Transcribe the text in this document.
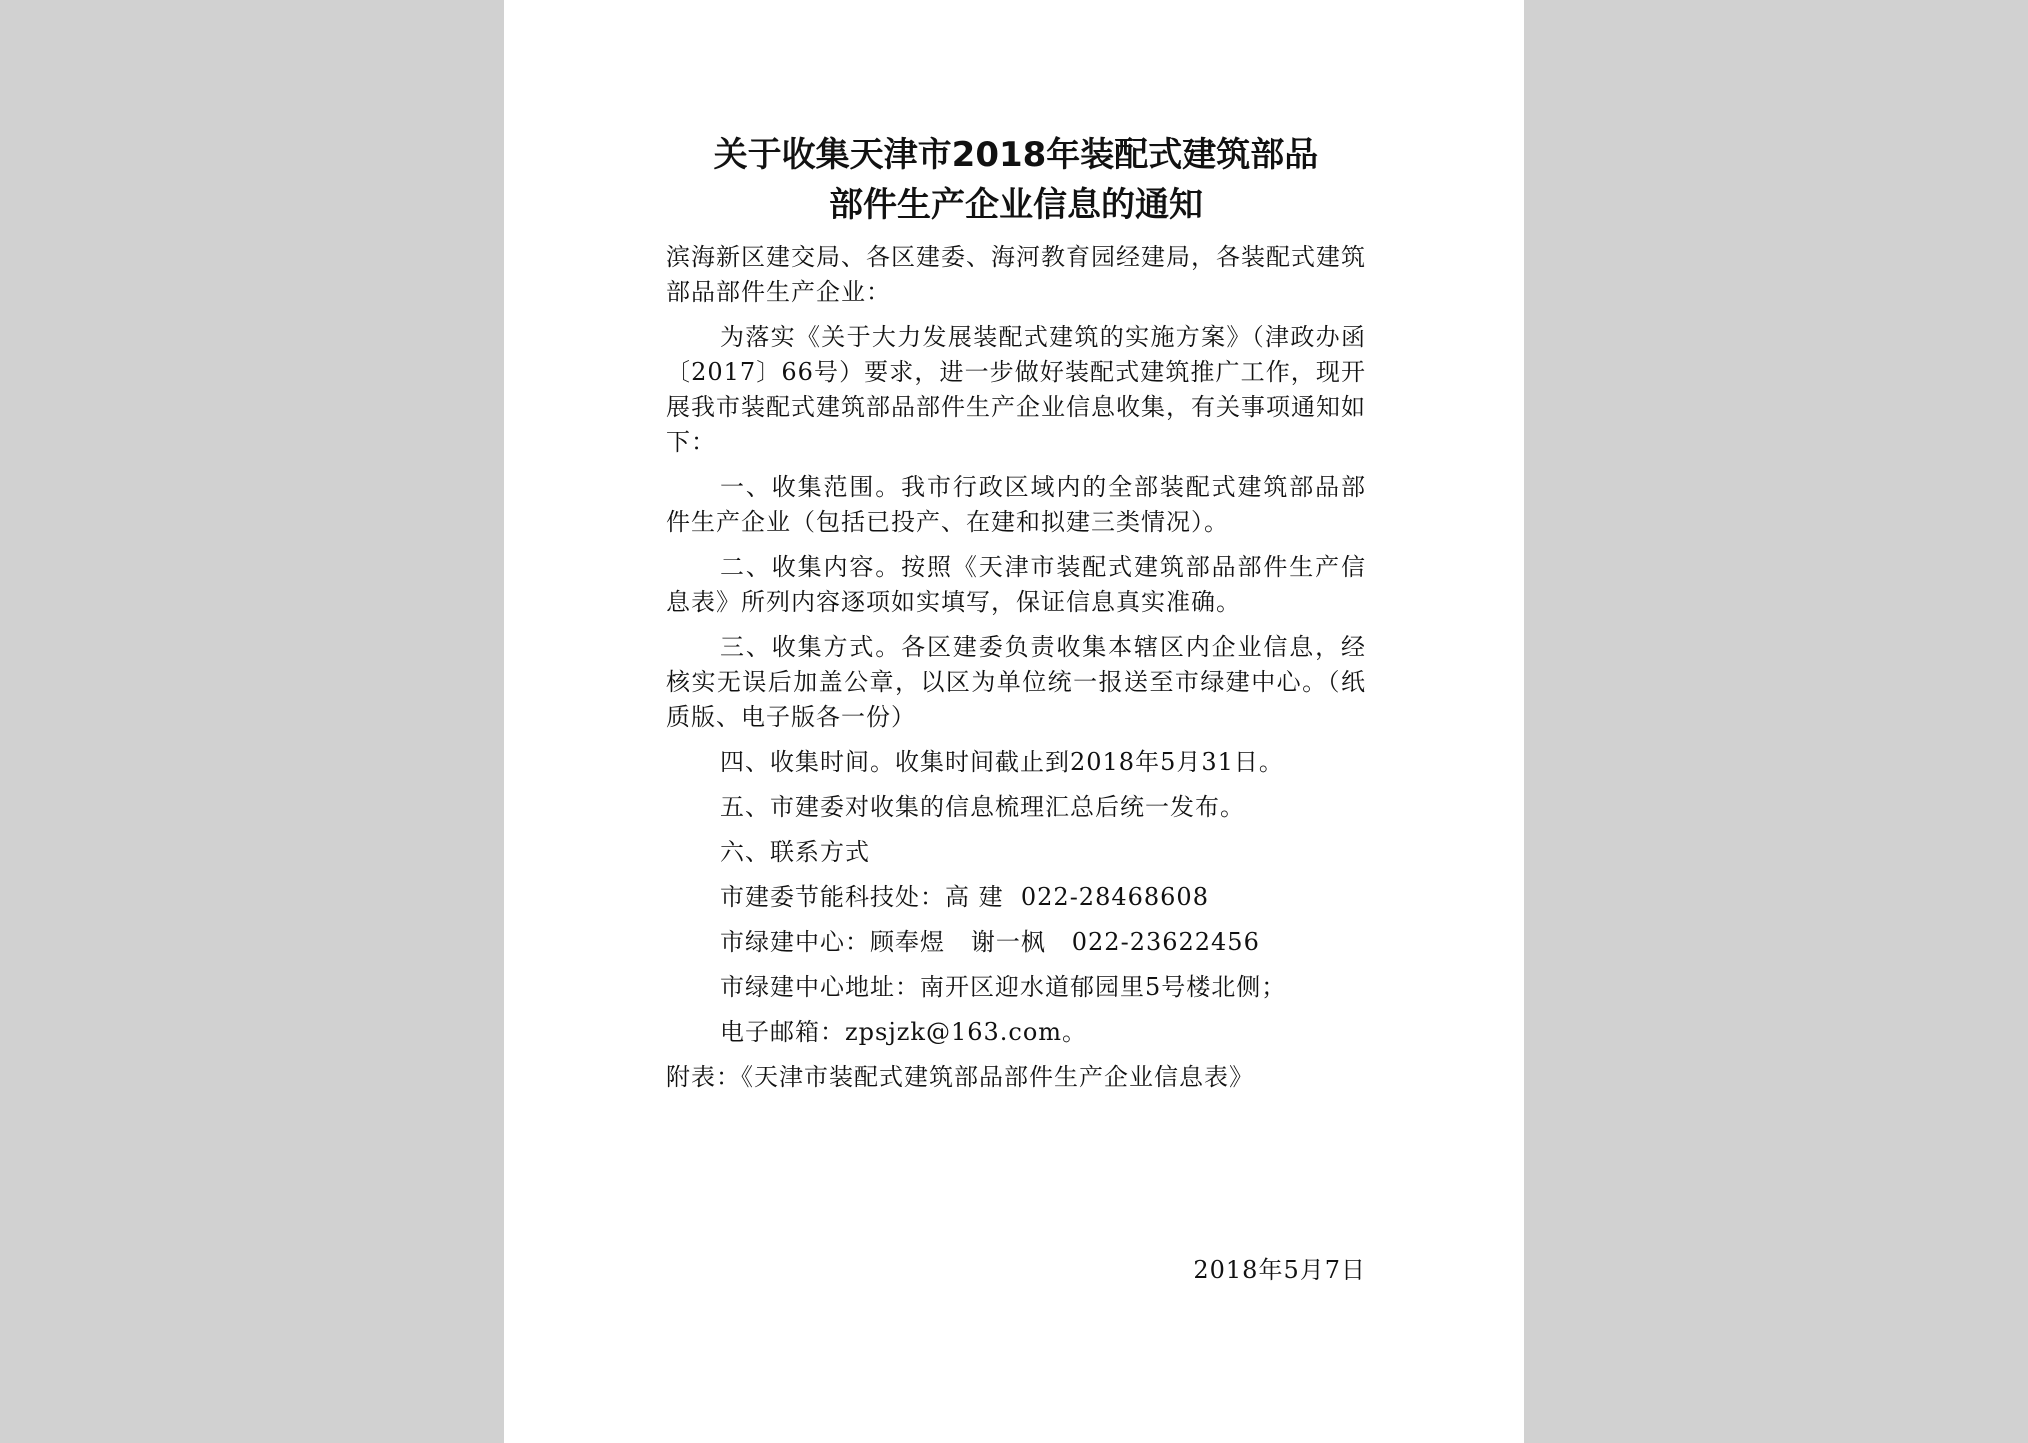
关于收集天津市2018年装配式建筑部品
部件生产企业信息的通知
滨海新区建交局、各区建委、海河教育园经建局，各装配式建筑部品部件生产企业：
为落实《关于大力发展装配式建筑的实施方案》（津政办函〔2017〕66号）要求，进一步做好装配式建筑推广工作，现开展我市装配式建筑部品部件生产企业信息收集，有关事项通知如下：
一、收集范围。我市行政区域内的全部装配式建筑部品部件生产企业（包括已投产、在建和拟建三类情况）。
二、收集内容。按照《天津市装配式建筑部品部件生产信息表》所列内容逐项如实填写，保证信息真实准确。
三、收集方式。各区建委负责收集本辖区内企业信息，经核实无误后加盖公章，以区为单位统一报送至市绿建中心。（纸质版、电子版各一份）
四、收集时间。收集时间截止到2018年5月31日。
五、市建委对收集的信息梳理汇总后统一发布。
六、联系方式
市建委节能科技处：高 建  022-28468608
市绿建中心：顾奉煜   谢一枫   022-23622456
市绿建中心地址：南开区迎水道郁园里5号楼北侧；
电子邮箱：zpsjzk@163.com。
附表：《天津市装配式建筑部品部件生产企业信息表》
2018年5月7日
